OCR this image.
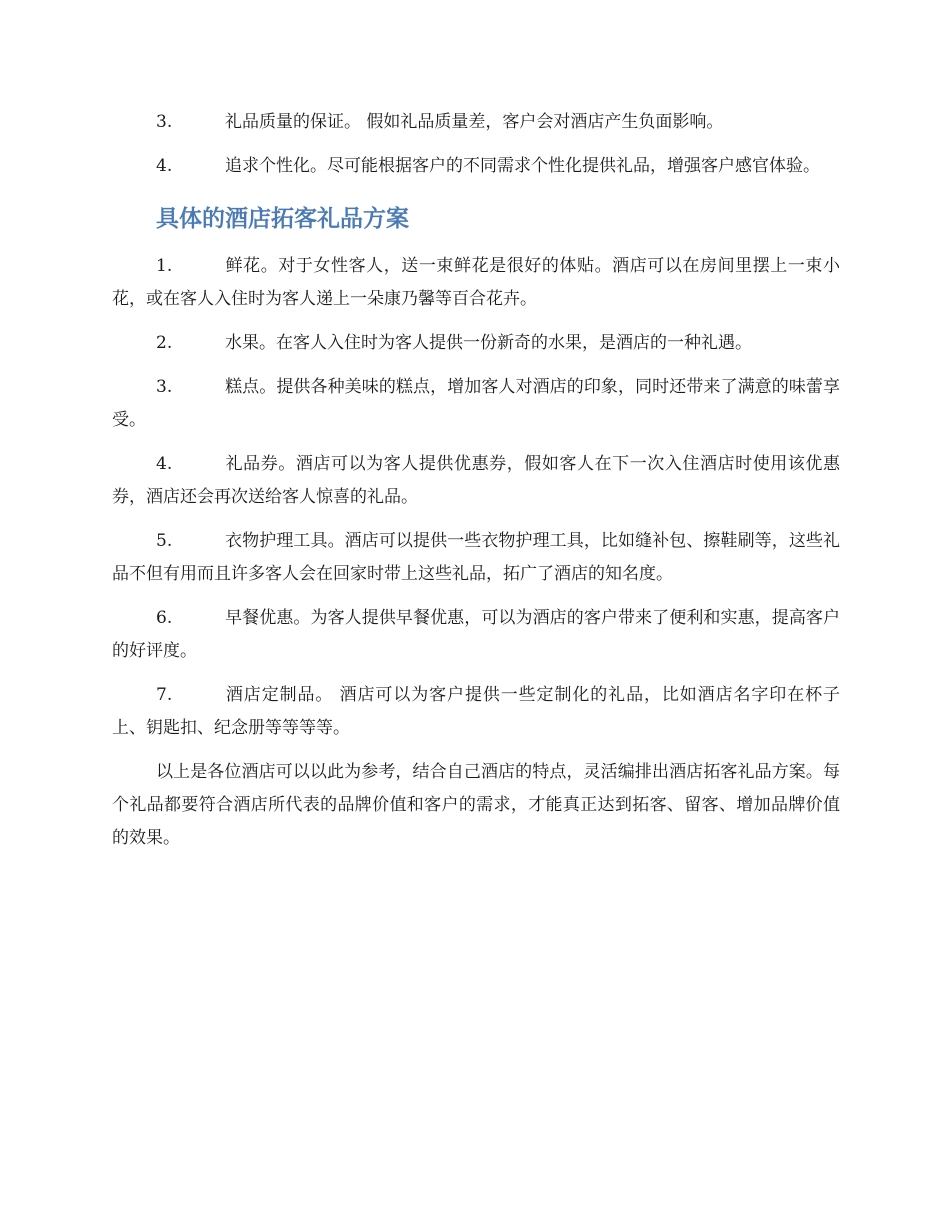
3.	礼品质量的保证。 假如礼品质量差，客户会对酒店产生负面影响。

4.	追求个性化。尽可能根据客户的不同需求个性化提供礼品，增强客户感官体验。

具体的酒店拓客礼品方案

1.	鲜花。对于女性客人，送一束鲜花是很好的体贴。酒店可以在房间里摆上一束小花，或在客人入住时为客人递上一朵康乃馨等百合花卉。

2.	水果。在客人入住时为客人提供一份新奇的水果，是酒店的一种礼遇。

3.	糕点。提供各种美味的糕点，增加客人对酒店的印象，同时还带来了满意的味蕾享受。

4.	礼品券。酒店可以为客人提供优惠券，假如客人在下一次入住酒店时使用该优惠券，酒店还会再次送给客人惊喜的礼品。

5.	衣物护理工具。酒店可以提供一些衣物护理工具，比如缝补包、擦鞋刷等，这些礼品不但有用而且许多客人会在回家时带上这些礼品，拓广了酒店的知名度。

6.	早餐优惠。为客人提供早餐优惠，可以为酒店的客户带来了便利和实惠，提高客户的好评度。

7.	酒店定制品。 酒店可以为客户提供一些定制化的礼品，比如酒店名字印在杯子上、钥匙扣、纪念册等等等等。

以上是各位酒店可以以此为参考，结合自己酒店的特点，灵活编排出酒店拓客礼品方案。每个礼品都要符合酒店所代表的品牌价值和客户的需求，才能真正达到拓客、留客、增加品牌价值的效果。
